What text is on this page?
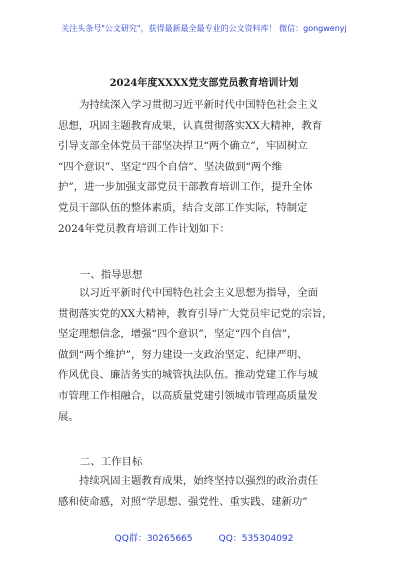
关注头条号"公文研究"，获得最新最全最专业的公文资料库！ 微信：gongwenyj
2024年度XXXX党支部党员教育培训计划

为持续深入学习贯彻习近平新时代中国特色社会主义
思想，巩固主题教育成果，认真贯彻落实XX大精神，教育
引导支部全体党员干部坚决捍卫“两个确立”，牢固树立
“四个意识”、坚定“四个自信”、坚决做到“两个维
护”，进一步加强支部党员干部教育培训工作，提升全体
党员干部队伍的整体素质，结合支部工作实际，特制定
2024年党员教育培训工作计划如下：

一、指导思想

以习近平新时代中国特色社会主义思想为指导，全面
贯彻落实党的XX大精神，教育引导广大党员牢记党的宗旨，
坚定理想信念，增强“四个意识”，坚定“四个自信”，
做到“两个维护”，努力建设一支政治坚定、纪律严明、
作风优良、廉洁务实的城管执法队伍。推动党建工作与城
市管理工作相融合，以高质量党建引领城市管理高质量发
展。

二、工作目标

持续巩固主题教育成果，始终坚持以强烈的政治责任
感和使命感，对照“学思想、强党性、重实践、建新功”

QQ群：30265665	QQ：535304092
